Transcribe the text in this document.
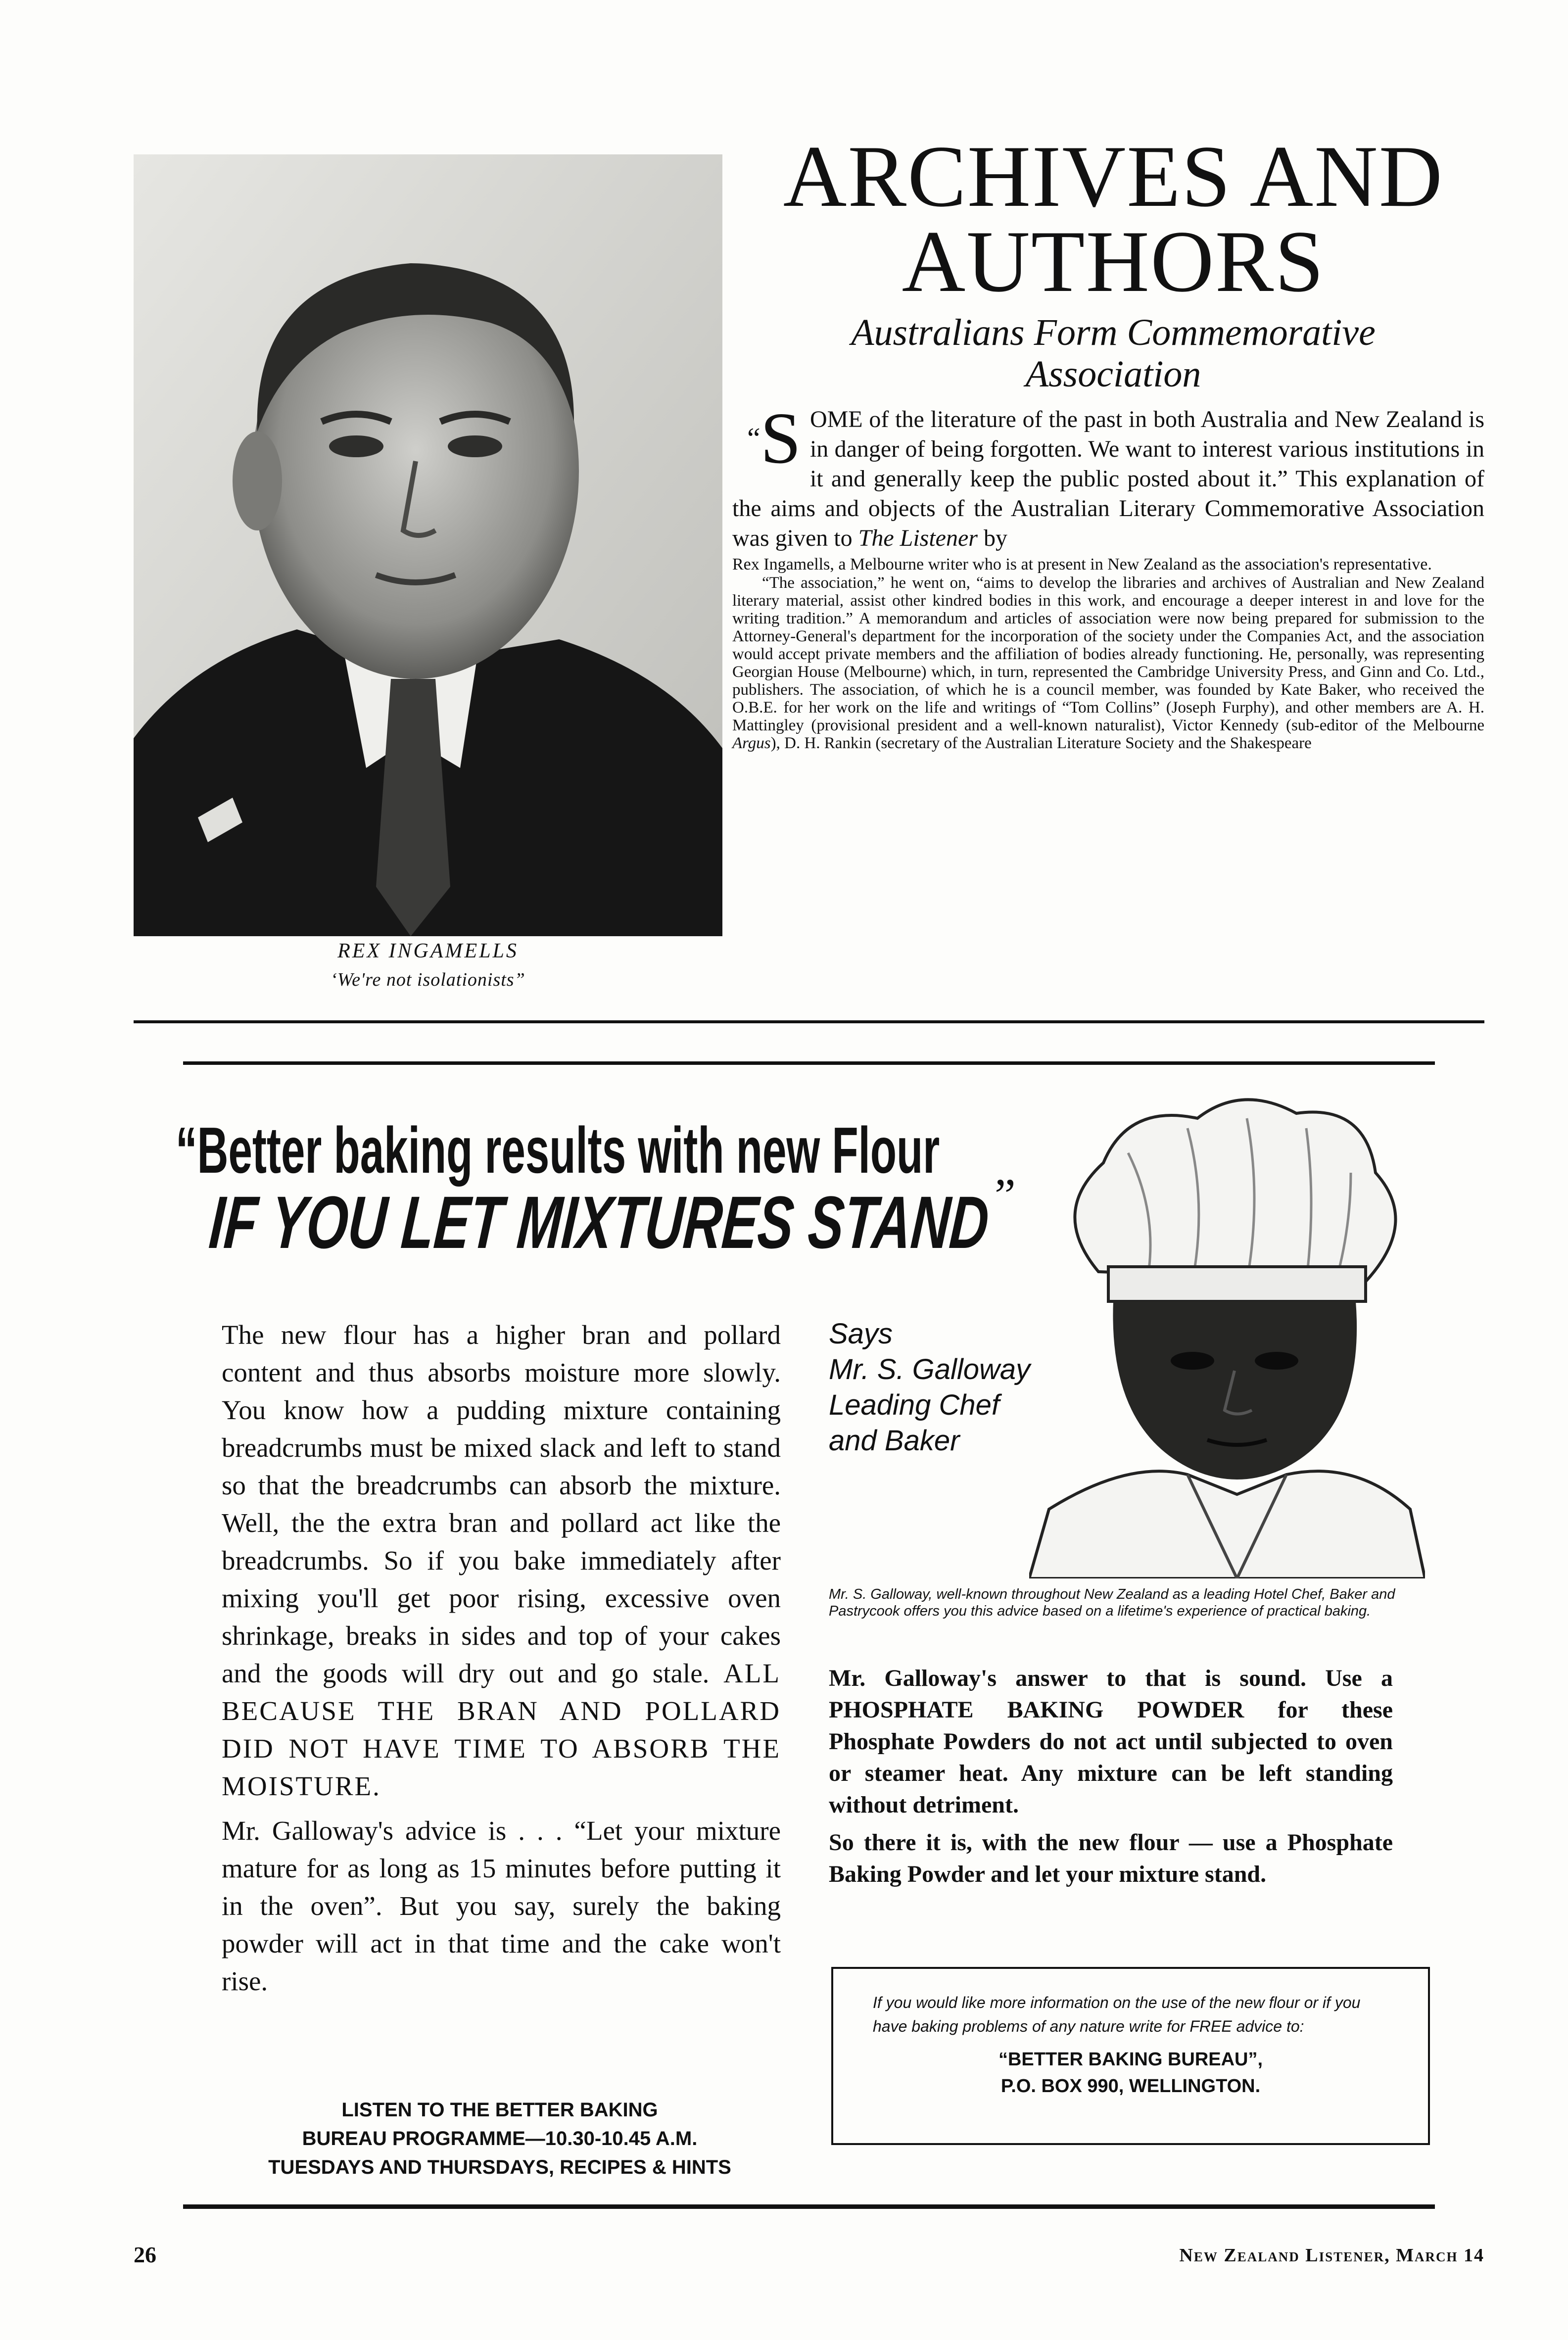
REX INGAMELLS
‘We're not isolationists”
ARCHIVES AND
AUTHORS
Australians Form Commemorative
Association

“S OME of the literature of the past in both Australia and New Zealand is in danger of being forgotten. We want to interest various institutions in it and generally keep the public posted about it.” This explanation of the aims and objects of the Australian Literary Commemorative Association was given to The Listener by

Rex Ingamells, a Melbourne writer who is at present in New Zealand as the association's representative.

“The association,” he went on, “aims to develop the libraries and archives of Australian and New Zealand literary material, assist other kindred bodies in this work, and encourage a deeper interest in and love for the writing tradition.” A memorandum and articles of association were now being prepared for submission to the Attorney-General's department for the incorporation of the society under the Companies Act, and the association would accept private members and the affiliation of bodies already functioning. He, personally, was representing Georgian House (Melbourne) which, in turn, represented the Cambridge University Press, and Ginn and Co. Ltd., publishers. The association, of which he is a council member, was founded by Kate Baker, who received the O.B.E. for her work on the life and writings of “Tom Collins” (Joseph Furphy), and other members are A. H. Mattingley (provisional president and a well-known naturalist), Victor Kennedy (sub-editor of the Melbourne Argus), D. H. Rankin (secretary of the Australian Literature Society and the Shakespeare

“Better baking results with new Flour
IF YOU LET MIXTURES STAND ”
Says
Mr. S. Galloway
Leading Chef
and Baker
Mr. S. Galloway, well-known throughout New Zealand as a leading Hotel Chef, Baker and Pastrycook offers you this advice based on a lifetime's experience of practical baking.

Mr. Galloway's answer to that is sound. Use a PHOSPHATE BAKING POWDER for these Phosphate Powders do not act until subjected to oven or steamer heat. Any mixture can be left standing without detriment.

So there it is, with the new flour — use a Phosphate Baking Powder and let your mixture stand.

The new flour has a higher bran and pollard content and thus absorbs moisture more slowly. You know how a pudding mixture containing breadcrumbs must be mixed slack and left to stand so that the breadcrumbs can absorb the mixture. Well, the the extra bran and pollard act like the breadcrumbs. So if you bake immediately after mixing you'll get poor rising, excessive oven shrinkage, breaks in sides and top of your cakes and the goods will dry out and go stale. ALL BECAUSE THE BRAN AND POLLARD DID NOT HAVE TIME TO ABSORB THE MOISTURE.

Mr. Galloway's advice is . . . “Let your mixture mature for as long as 15 minutes before putting it in the oven”. But you say, surely the baking powder will act in that time and the cake won't rise.

LISTEN TO THE BETTER BAKING
BUREAU PROGRAMME—10.30-10.45 A.M.
TUESDAYS AND THURSDAYS, RECIPES & HINTS

If you would like more information on the use of the new flour or if you have baking problems of any nature write for FREE advice to:

“BETTER BAKING BUREAU”,
P.O. BOX 990, WELLINGTON.
26	New Zealand Listener, March 14
